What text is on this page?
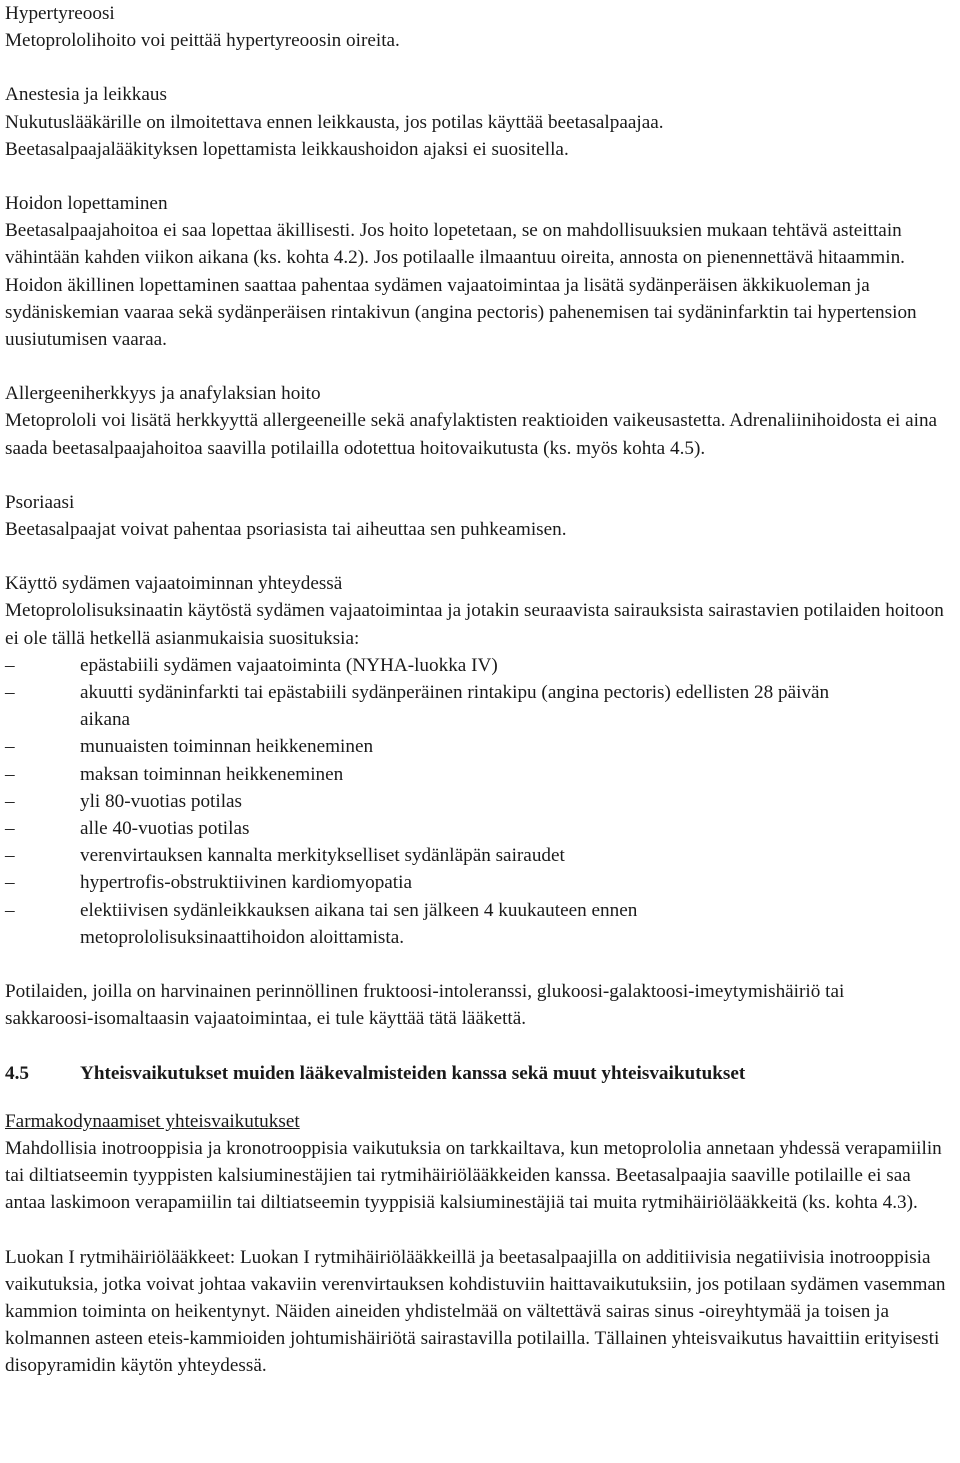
Hypertyreoosi

Metoprololihoito voi peittää hypertyreoosin oireita.

Anestesia ja leikkaus

Nukutuslääkärille on ilmoitettava ennen leikkausta, jos potilas käyttää beetasalpaajaa. Beetasalpaajalääkityksen lopettamista leikkaushoidon ajaksi ei suositella.

Hoidon lopettaminen

Beetasalpaajahoitoa ei saa lopettaa äkillisesti. Jos hoito lopetetaan, se on mahdollisuuksien mukaan tehtävä asteittain vähintään kahden viikon aikana (ks. kohta 4.2). Jos potilaalle ilmaantuu oireita, annosta on pienennettävä hitaammin. Hoidon äkillinen lopettaminen saattaa pahentaa sydämen vajaatoimintaa ja lisätä sydänperäisen äkkikuoleman ja sydäniskemian vaaraa sekä sydänperäisen rintakivun (angina pectoris) pahenemisen tai sydäninfarktin tai hypertension uusiutumisen vaaraa.

Allergeeniherkkyys ja anafylaksian hoito

Metoprololi voi lisätä herkkyyttä allergeeneille sekä anafylaktisten reaktioiden vaikeusastetta. Adrenaliinihoidosta ei aina saada beetasalpaajahoitoa saavilla potilailla odotettua hoitovaikutusta (ks. myös kohta 4.5).

Psoriaasi

Beetasalpaajat voivat pahentaa psoriasista tai aiheuttaa sen puhkeamisen.

Käyttö sydämen vajaatoiminnan yhteydessä

Metoprololisuksinaatin käytöstä sydämen vajaatoimintaa ja jotakin seuraavista sairauksista sairastavien potilaiden hoitoon ei ole tällä hetkellä asianmukaisia suosituksia:

–	epästabiili sydämen vajaatoiminta (NYHA-luokka IV)
–	akuutti sydäninfarkti tai epästabiili sydänperäinen rintakipu (angina pectoris) edellisten 28 päivän aikana
–	munuaisten toiminnan heikkeneminen
–	maksan toiminnan heikkeneminen
–	yli 80-vuotias potilas
–	alle 40-vuotias potilas
–	verenvirtauksen kannalta merkitykselliset sydänläpän sairaudet
–	hypertrofis-obstruktiivinen kardiomyopatia
–	elektiivisen sydänleikkauksen aikana tai sen jälkeen 4 kuukauteen ennen metoprololisuksinaattihoidon aloittamista.

Potilaiden, joilla on harvinainen perinnöllinen fruktoosi-intoleranssi, glukoosi-galaktoosi-imeytymishäiriö tai sakkaroosi-isomaltaasin vajaatoimintaa, ei tule käyttää tätä lääkettä.

4.5	Yhteisvaikutukset muiden lääkevalmisteiden kanssa sekä muut yhteisvaikutukset

Farmakodynaamiset yhteisvaikutukset

Mahdollisia inotrooppisia ja kronotrooppisia vaikutuksia on tarkkailtava, kun metoprololia annetaan yhdessä verapamiilin tai diltiatseemin tyyppisten kalsiuminestäjien tai rytmihäiriölääkkeiden kanssa. Beetasalpaajia saaville potilaille ei saa antaa laskimoon verapamiilin tai diltiatseemin tyyppisiä kalsiuminestäjiä tai muita rytmihäiriölääkkeitä (ks. kohta 4.3).

Luokan I rytmihäiriölääkkeet: Luokan I rytmihäiriölääkkeillä ja beetasalpaajilla on additiivisia negatiivisia inotrooppisia vaikutuksia, jotka voivat johtaa vakaviin verenvirtauksen kohdistuviin haittavaikutuksiin, jos potilaan sydämen vasemman kammion toiminta on heikentynyt. Näiden aineiden yhdistelmää on vältettävä sairas sinus -oireyhtymää ja toisen ja kolmannen asteen eteis-kammioiden johtumishäiriötä sairastavilla potilailla. Tällainen yhteisvaikutus havaittiin erityisesti disopyramidin käytön yhteydessä.
